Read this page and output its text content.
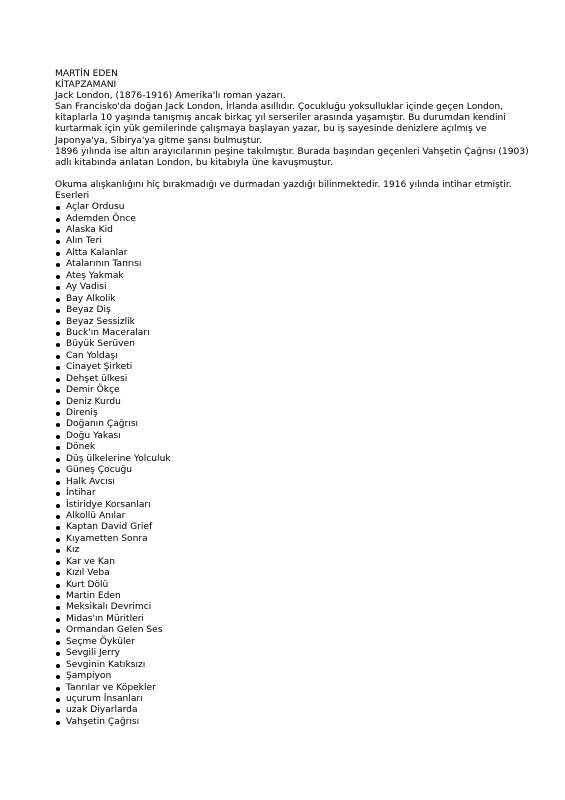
MARTİN EDEN

KİTAPZAMANI

Jack London, (1876-1916) Amerika'lı roman yazarı.

San Francisko'da doğan Jack London, İrlanda asıllıdır. Çocukluğu yoksulluklar içinde geçen London, kitaplarla 10 yaşında tanışmış ancak birkaç yıl serseriler arasında yaşamıştır. Bu durumdan kendini kurtarmak için yük gemilerinde çalışmaya başlayan yazar, bu iş sayesinde denizlere açılmış ve Japonya'ya, Sibirya'ya gitme şansı bulmuştur.

1896 yılında ise altın arayıcılarının peşine takılmıştır. Burada başından geçenleri Vahşetin Çağrısı (1903) adlı kitabında anlatan London, bu kitabıyla üne kavuşmuştur.

Okuma alışkanlığını hiç bırakmadığı ve durmadan yazdığı bilinmektedir. 1916 yılında intihar etmiştir.

Eserleri

Açlar Ordusu
Ademden Önce
Alaska Kid
Alın Teri
Altta Kalanlar
Atalarının Tanrısı
Ateş Yakmak
Ay Vadisi
Bay Alkolik
Beyaz Diş
Beyaz Sessizlik
Buck'ın Maceraları
Büyük Serüven
Can Yoldaşı
Cinayet Şirketi
Dehşet ülkesi
Demir Ökçe
Deniz Kurdu
Direniş
Doğanın Çağrısı
Doğu Yakası
Dönek
Düş ülkelerine Yolculuk
Güneş Çocuğu
Halk Avcısı
İntihar
İstiridye Korsanları
Alkollü Anılar
Kaptan David Grief
Kıyametten Sonra
Kız
Kar ve Kan
Kızıl Veba
Kurt Dölü
Martin Eden
Meksikalı Devrimci
Midas'ın Müritleri
Ormandan Gelen Ses
Seçme Öyküler
Sevgili Jerry
Sevginin Katıksızı
Şampiyon
Tanrılar ve Köpekler
uçurum İnsanları
uzak Diyarlarda
Vahşetin Çağrısı
